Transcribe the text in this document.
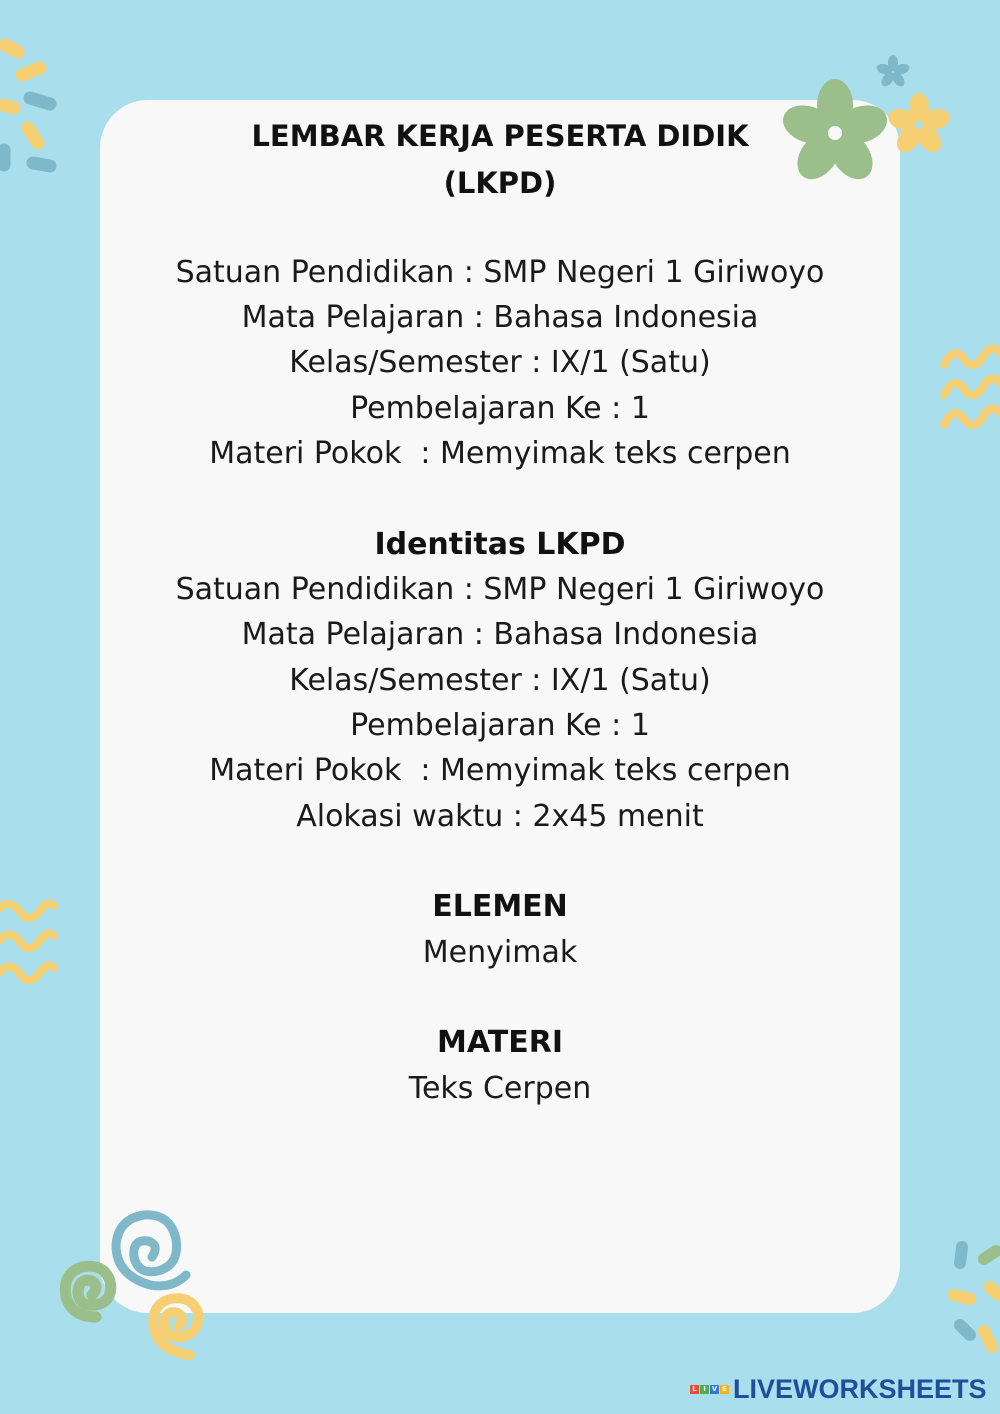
LEMBAR KERJA PESERTA DIDIK
(LKPD)
Satuan Pendidikan : SMP Negeri 1 Giriwoyo
Mata Pelajaran : Bahasa Indonesia
Kelas/Semester : IX/1 (Satu)
Pembelajaran Ke : 1
Materi Pokok  : Memyimak teks cerpen
Identitas LKPD
Satuan Pendidikan : SMP Negeri 1 Giriwoyo
Mata Pelajaran : Bahasa Indonesia
Kelas/Semester : IX/1 (Satu)
Pembelajaran Ke : 1
Materi Pokok  : Memyimak teks cerpen
Alokasi waktu : 2x45 menit
ELEMEN
Menyimak
MATERI
Teks Cerpen
L I V E LIVEWORKSHEETS
